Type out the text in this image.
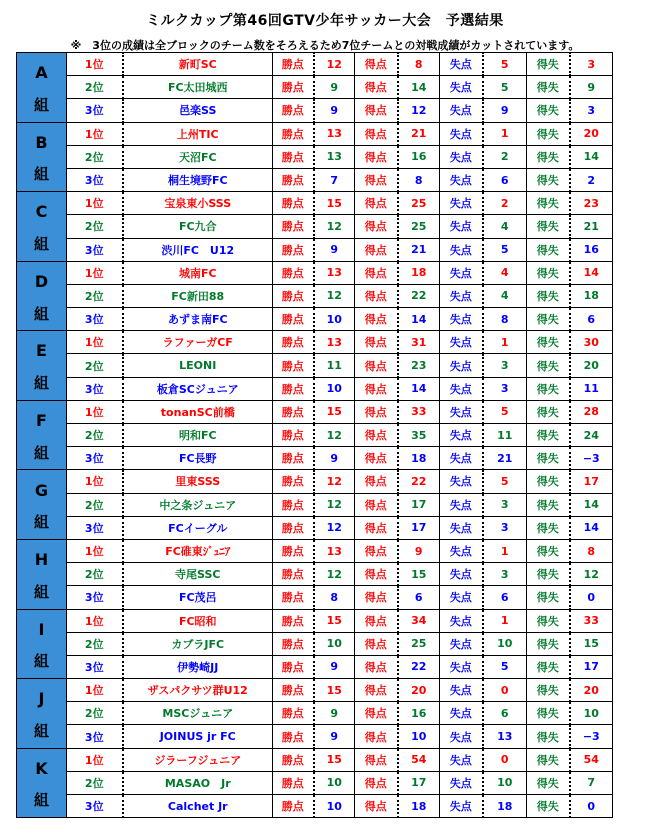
ミルクカップ第46回GTV少年サッカー大会　予選結果
※　3位の成績は全ブロックのチーム数をそろえるため7位チームとの対戦成績がカットされています。
A
組	1位	新町SC	勝点	12	得点	8	失点	5	得失	3
	2位	FC太田城西	勝点	9	得点	14	失点	5	得失	9
	3位	邑楽SS	勝点	9	得点	12	失点	9	得失	3

B
組	1位	上州TIC	勝点	13	得点	21	失点	1	得失	20
	2位	天沼FC	勝点	13	得点	16	失点	2	得失	14
	3位	桐生境野FC	勝点	7	得点	8	失点	6	得失	2

C
組	1位	宝泉東小SSS	勝点	15	得点	25	失点	2	得失	23
	2位	FC九合	勝点	12	得点	25	失点	4	得失	21
	3位	渋川FC　U12	勝点	9	得点	21	失点	5	得失	16

D
組	1位	城南FC	勝点	13	得点	18	失点	4	得失	14
	2位	FC新田88	勝点	12	得点	22	失点	4	得失	18
	3位	あずま南FC	勝点	10	得点	14	失点	8	得失	6

E
組	1位	ラファーガCF	勝点	13	得点	31	失点	1	得失	30
	2位	LEONI	勝点	11	得点	23	失点	3	得失	20
	3位	板倉SCジュニア	勝点	10	得点	14	失点	3	得失	11

F
組	1位	tonanSC前橋	勝点	15	得点	33	失点	5	得失	28
	2位	明和FC	勝点	12	得点	35	失点	11	得失	24
	3位	FC長野	勝点	9	得点	18	失点	21	得失	−3

G
組	1位	里東SSS	勝点	12	得点	22	失点	5	得失	17
	2位	中之条ジュニア	勝点	12	得点	17	失点	3	得失	14
	3位	FCイーグル	勝点	12	得点	17	失点	3	得失	14

H
組	1位	FC碓東ｼﾞｭﾆｱ	勝点	13	得点	9	失点	1	得失	8
	2位	寺尾SSC	勝点	12	得点	15	失点	3	得失	12
	3位	FC茂呂	勝点	8	得点	6	失点	6	得失	0

I
組	1位	FC昭和	勝点	15	得点	34	失点	1	得失	33
	2位	カブラJFC	勝点	10	得点	25	失点	10	得失	15
	3位	伊勢崎JJ	勝点	9	得点	22	失点	5	得失	17

J
組	1位	ザスパクサツ群U12	勝点	15	得点	20	失点	0	得失	20
	2位	MSCジュニア	勝点	9	得点	16	失点	6	得失	10
	3位	JOINUS jr FC	勝点	9	得点	10	失点	13	得失	−3

K
組	1位	ジラーフジュニア	勝点	15	得点	54	失点	0	得失	54
	2位	MASAO　Jr	勝点	10	得点	17	失点	10	得失	7
	3位	Calchet Jr	勝点	10	得点	18	失点	18	得失	0
